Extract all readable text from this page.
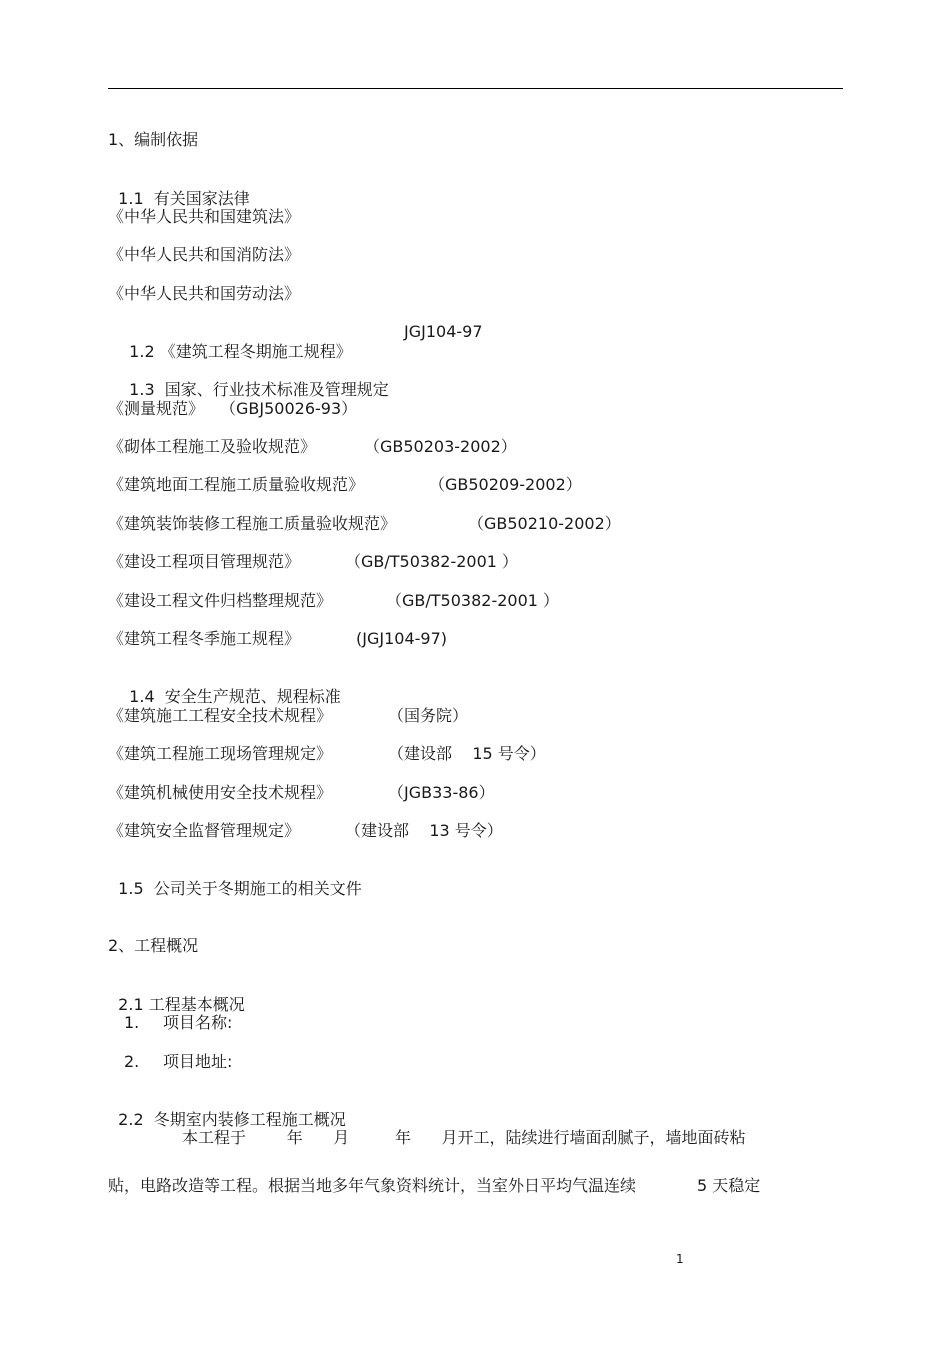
1、编制依据

1.1 有关国家法律

《中华人民共和国建筑法》
《中华人民共和国消防法》
《中华人民共和国劳动法》

1.2 《建筑工程冬期施工规程》

JGJ104-97

1.3 国家、行业技术标准及管理规定

《测量规范》 （GBJ50026-93）
《砌体工程施工及验收规范》	（GB50203-2002）
《建筑地面工程施工质量验收规范》	（GB50209-2002）
《建筑装饰装修工程施工质量验收规范》	（GB50210-2002）
《建设工程项目管理规范》	（GB/T50382-2001 ）
《建设工程文件归档整理规范》	（GB/T50382-2001 ）
《建筑工程冬季施工规程》	(JGJ104-97)

1.4 安全生产规范、规程标准

《建筑施工工程安全技术规程》	（国务院）
《建筑工程施工现场管理规定》	（建设部    15 号令）
《建筑机械使用安全技术规程》	（JGB33-86）
《建筑安全监督管理规定》	（建设部    13 号令）

1.5 公司关于冬期施工的相关文件

2、工程概况

2.1 工程基本概况

1. 项目名称:
2. 项目地址:

2.2 冬期室内装修工程施工概况

本工程于        年      月         年      月开工，陆续进行墙面刮腻子，墙地面砖粘
贴，电路改造等工程。根据当地多年气象资料统计，当室外日平均气温连续            5 天稳定
1
